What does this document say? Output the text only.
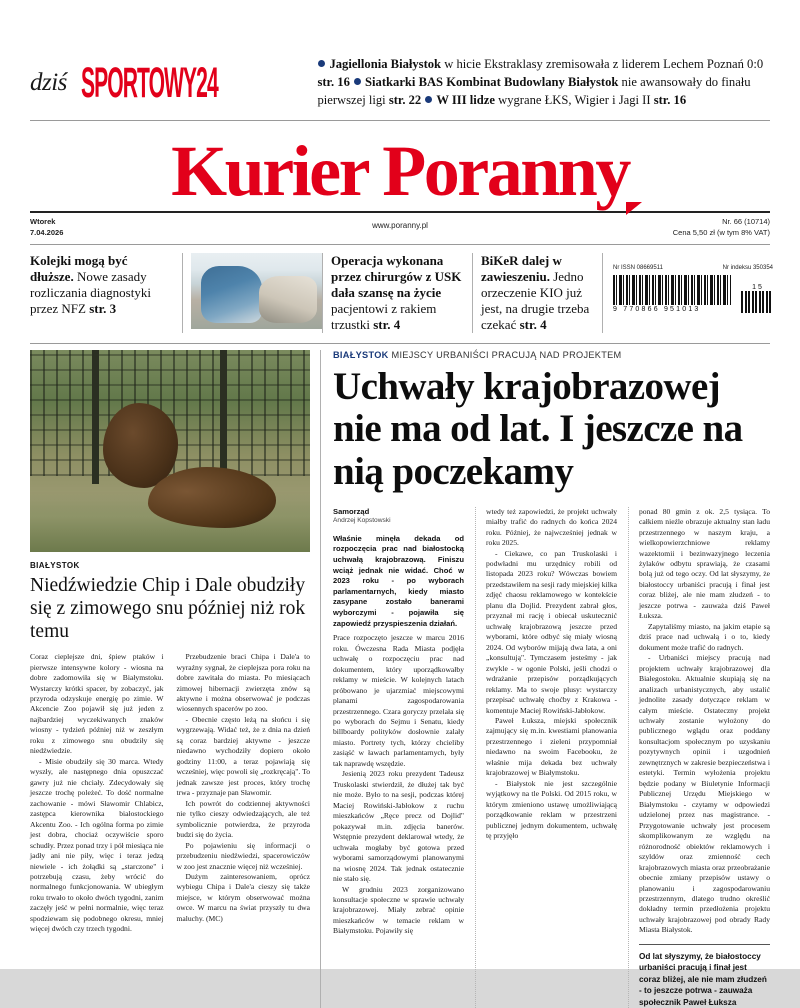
dziś SPORTOWY24	Jagiellonia Białystok w hicie Ekstraklasy zremisowała z liderem Lechem Poznań 0:0 str. 16 Siatkarki BAS Kombinat Budowlany Białystok nie awansowały do finału pierwszej ligi str. 22 W III lidze wygrane ŁKS, Wigier i Jagi II str. 16
Kurier Poranny
Wtorek
7.04.2026
www.poranny.pl	Nr. 66 (10714)
Cena 5,50 zł (w tym 8% VAT)
Kolejki mogą być dłuższe. Nowe zasady rozliczania diagnostyki przez NFZ str. 3
Operacja wykonana przez chirurgów z USK dała szansę na życie pacjentowi z rakiem trzustki str. 4
BiKeR dalej w zawieszeniu. Jedno orzeczenie KIO już jest, na drugie trzeba czekać str. 4
Nr ISSN 08669511	Nr indeksu 350354
9 770866 951013
1 5
BIAŁYSTOK
Niedźwiedzie Chip i Dale obudziły się z zimowego snu później niż rok temu

Coraz cieplejsze dni, śpiew ptaków i pierwsze intensywne kolory - wiosna na dobre zadomowiła się w Białymstoku. Wystarczy krótki spacer, by zobaczyć, jak przyroda odzyskuje energię po zimie. W Akcencie Zoo pojawił się już jeden z najbardziej wyczekiwanych znaków wiosny - tydzień później niż w zeszłym roku z zimowego snu obudziły się niedźwiedzie.

- Misie obudziły się 30 marca. Wtedy wyszły, ale następnego dnia opuszczać gawry już nie chciały. Zdecydowały się jeszcze trochę poleżeć. To dość normalne zachowanie - mówi Sławomir Chlabicz, zastępca kierownika białostockiego Akcentu Zoo. - Ich ogólna forma po zimie jest dobra, chociaż oczywiście sporo schudły. Przez ponad trzy i pół miesiąca nie jadły ani nie piły, więc i teraz jedzą niewiele - ich żołądki są „starczone" i potrzebują czasu, żeby wrócić do normalnego funkcjonowania. W ubiegłym roku trwało to około dwóch tygodni, zanim zaczęły jeść w pełni normalnie, więc teraz spodziewam się podobnego okresu, mniej więcej dwóch czy trzech tygodni.

Przebudzenie braci Chipa i Dale'a to wyraźny sygnał, że cieplejsza pora roku na dobre zawitała do miasta. Po miesiącach zimowej hibernacji zwierzęta znów są aktywne i można obserwować je podczas wiosennych spacerów po zoo.

- Obecnie często leżą na słońcu i się wygrzewają. Widać też, że z dnia na dzień są coraz bardziej aktywne - jeszcze niedawno wychodziły dopiero około godziny 11:00, a teraz pojawiają się wcześniej, więc powoli się „rozkręcają". To jednak zawsze jest proces, który trochę trwa - przyznaje pan Sławomir.

Ich powrót do codziennej aktywności nie tylko cieszy odwiedzających, ale też symbolicznie potwierdza, że przyroda budzi się do życia.

Po pojawieniu się informacji o przebudzeniu niedźwiedzi, spacerowiczów w zoo jest znacznie więcej niż wcześniej.

Dużym zainteresowaniem, oprócz wybiegu Chipa i Dale'a cieszy się także miejsce, w którym obserwować można owce. W marcu na świat przyszły tu dwa maluchy. (MC)

BIAŁYSTOK MIEJSCY URBANIŚCI PRACUJĄ NAD PROJEKTEM
Uchwały krajobrazowej nie ma od lat. I jeszcze na nią poczekamy
Samorząd
Andrzej Kopstowski
Właśnie minęła dekada od rozpoczęcia prac nad białostocką uchwałą krajobrazową. Finiszu wciąż jednak nie widać. Choć w 2023 roku - po wyborach parlamentarnych, kiedy miasto zasypane zostało banerami wyborczymi - pojawiła się zapowiedź przyspieszenia działań.

Prace rozpoczęto jeszcze w marcu 2016 roku. Ówczesna Rada Miasta podjęła uchwałę o rozpoczęciu prac nad dokumentem, który uporządkowałby reklamy w mieście. W kolejnych latach próbowano je ujarzmiać miejscowymi planami zagospodarowania przestrzennego. Czara goryczy przelała się po wyborach do Sejmu i Senatu, kiedy billboardy polityków dosłownie zalały miasto. Portrety tych, którzy chcieliby zasiąść w ławach parlamentarnych, były tak naprawdę wszędzie.

Jesienią 2023 roku prezydent Tadeusz Truskolaski stwierdził, że dłużej tak być nie może. Było to na sesji, podczas której Maciej Rowiński-Jabłokow z ruchu mieszkańców „Ręce precz od Dojlid" pokazywał m.in. zdjęcia banerów. Wstępnie prezydent deklarował wtedy, że uchwała mogłaby być gotowa przed wyborami samorządowymi planowanymi na wiosnę 2024. Tak jednak ostatecznie nie stało się.

W grudniu 2023 zorganizowano konsultacje społeczne w sprawie uchwały krajobrazowej. Miały zebrać opinie mieszkańców w temacie reklam w Białymstoku. Pojawiły się

wtedy też zapowiedzi, że projekt uchwały miałby trafić do radnych do końca 2024 roku. Później, że najwcześniej jednak w roku 2025.

- Ciekawe, co pan Truskolaski i podwładni mu urzędnicy robili od listopada 2023 roku? Wówczas bowiem przedstawiłem na sesji rady miejskiej kilka zdjęć chaosu reklamowego w kontekście planu dla Dojlid. Prezydent zabrał głos, przyznał mi rację i obiecał uskutecznić uchwałę krajobrazową jeszcze przed wyborami, które odbyć się miały wiosną 2024. Od wyborów mijają dwa lata, a oni „konsultują". Tymczasem jesteśmy - jak zwykle - w ogonie Polski, jeśli chodzi o wdrażanie przepisów porządkujących reklamy. Ma to swoje plusy: wystarczy przepisać uchwałę choćby z Krakowa - komentuje Maciej Rowiński-Jabłokow.

Paweł Łuksza, miejski społecznik zajmujący się m.in. kwestiami planowania przestrzennego i zieleni przypomniał niedawno na swoim Facebooku, że właśnie mija dekada bez uchwały krajobrazowej w Białymstoku.

- Białystok nie jest szczególnie wyjątkowy na tle Polski. Od 2015 roku, w którym zmieniono ustawę umożliwiającą porządkowanie reklam w przestrzeni publicznej jednym dokumentem, uchwałę tę przyjęło

ponad 80 gmin z ok. 2,5 tysiąca. To całkiem nieźle obrazuje aktualny stan ładu przestrzennego w naszym kraju, a wielkopowierzchniowe reklamy wazektomii i bezinwazyjnego leczenia żylaków odbytu sprawiają, że czasami bolą już od tego oczy. Od lat słyszymy, że białostoccy urbaniści pracują i finał jest coraz bliżej, ale nie mam złudzeń - to jeszcze potrwa - zauważa dziś Paweł Łuksza.

Zapytaliśmy miasto, na jakim etapie są dziś prace nad uchwałą i o to, kiedy dokument może trafić do radnych.

- Urbaniści miejscy pracują nad projektem uchwały krajobrazowej dla Białegostoku. Aktualnie skupiają się na analizach urbanistycznych, aby ustalić jednolite zasady dotyczące reklam w całym mieście. Ostateczny projekt uchwały zostanie wyłożony do publicznego wglądu oraz poddany konsultacjom społecznym po uzyskaniu pozytywnych opinii i uzgodnień zewnętrznych w zakresie bezpieczeństwa i estetyki. Termin wyłożenia projektu będzie podany w Biuletynie Informacji Publicznej Urzędu Miejskiego w Białymstoku - czytamy w odpowiedzi udzielonej przez nas magistrance. - Przygotowanie uchwały jest procesem skomplikowanym ze względu na różnorodność obiektów reklamowych i szyldów oraz zmienność cech krajobrazowych miasta oraz przeobrażanie obecnie zmiany przepisów ustawy o planowaniu i zagospodarowaniu przestrzennym, dlatego trudno określić dokładny termin przedłożenia projektu uchwały krajobrazowej pod obrady Rady Miasta Białystok.

Od lat słyszymy, że białostoccy urbaniści pracują i finał jest coraz bliżej, ale nie mam złudzeń - to jeszcze potrwa - zauważa społecznik Paweł Łuksza
